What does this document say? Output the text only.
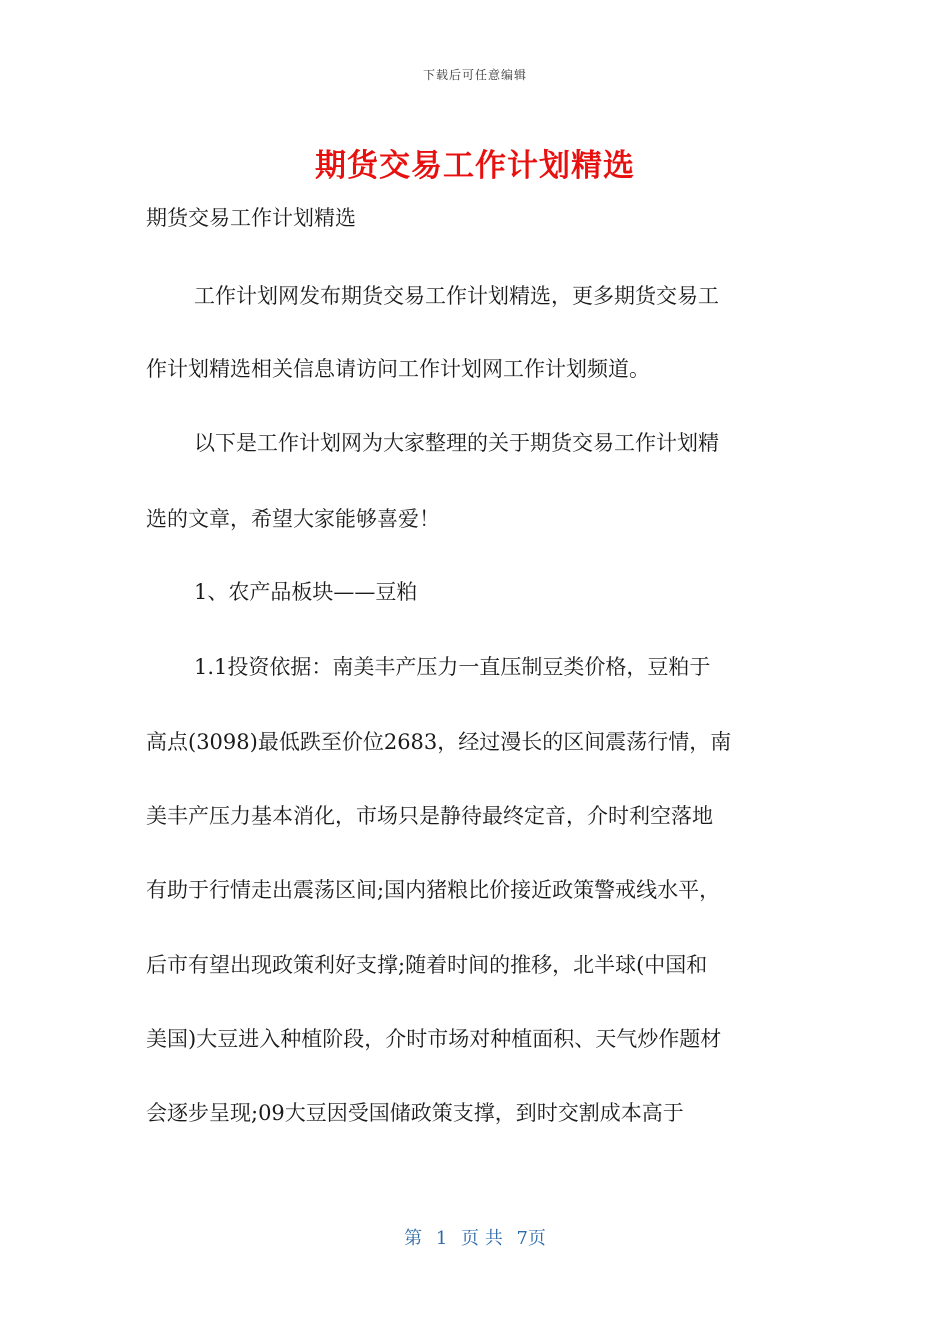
下载后可任意编辑
期货交易工作计划精选
期货交易工作计划精选
工作计划网发布期货交易工作计划精选，更多期货交易工
作计划精选相关信息请访问工作计划网工作计划频道。
以下是工作计划网为大家整理的关于期货交易工作计划精
选的文章，希望大家能够喜爱！
1、农产品板块——豆粕
1.1投资依据：南美丰产压力一直压制豆类价格，豆粕于
高点(3098)最低跌至价位2683，经过漫长的区间震荡行情，南
美丰产压力基本消化，市场只是静待最终定音，介时利空落地
有助于行情走出震荡区间;国内猪粮比价接近政策警戒线水平，
后市有望出现政策利好支撑;随着时间的推移，北半球(中国和
美国)大豆进入种植阶段，介时市场对种植面积、天气炒作题材
会逐步呈现;09大豆因受国储政策支撑，到时交割成本高于
第 1 页 共 7页
